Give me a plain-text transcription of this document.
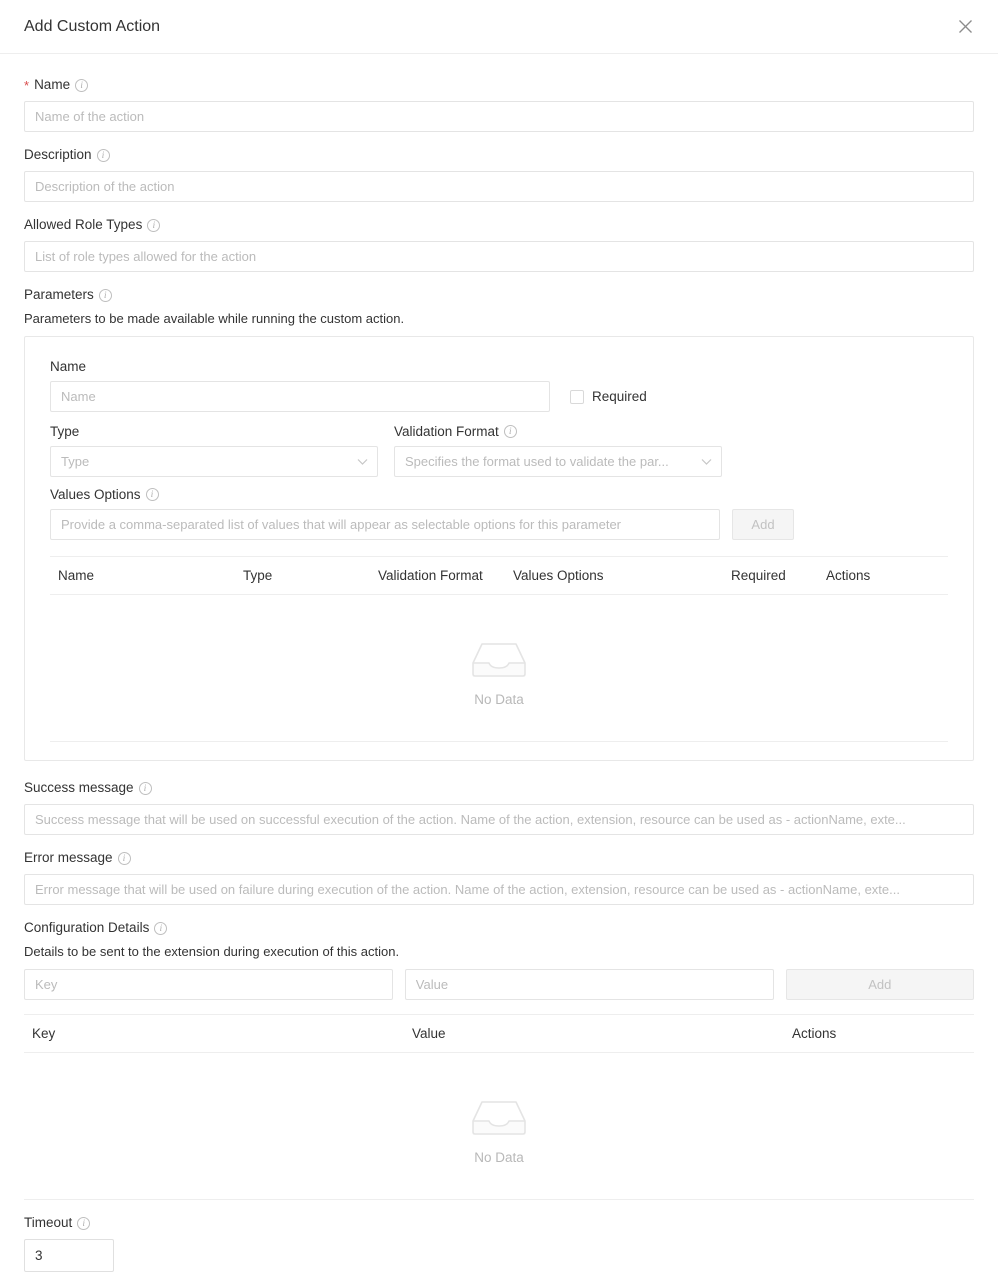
Add Custom Action
* Name	i
Name of the action
Description	i
Description of the action
Allowed Role Types	i
List of role types allowed for the action
Parameters	i

Parameters to be made available while running the custom action.

Name
Name
Required
Type
Type
Validation Format	i
Specifies the format used to validate the par...
Values Options	i
Provide a comma-separated list of values that will appear as selectable options for this parameter
Add
Name	Type	Validation Format	Values Options	Required	Actions

No Data
Success message	i
Success message that will be used on successful execution of the action. Name of the action, extension, resource can be used as - actionName, exte...
Error message	i
Error message that will be used on failure during execution of the action. Name of the action, extension, resource can be used as - actionName, exte...
Configuration Details	i

Details to be sent to the extension during execution of this action.

Key
Value
Add
Key	Value	Actions

No Data
Timeout	i
3
